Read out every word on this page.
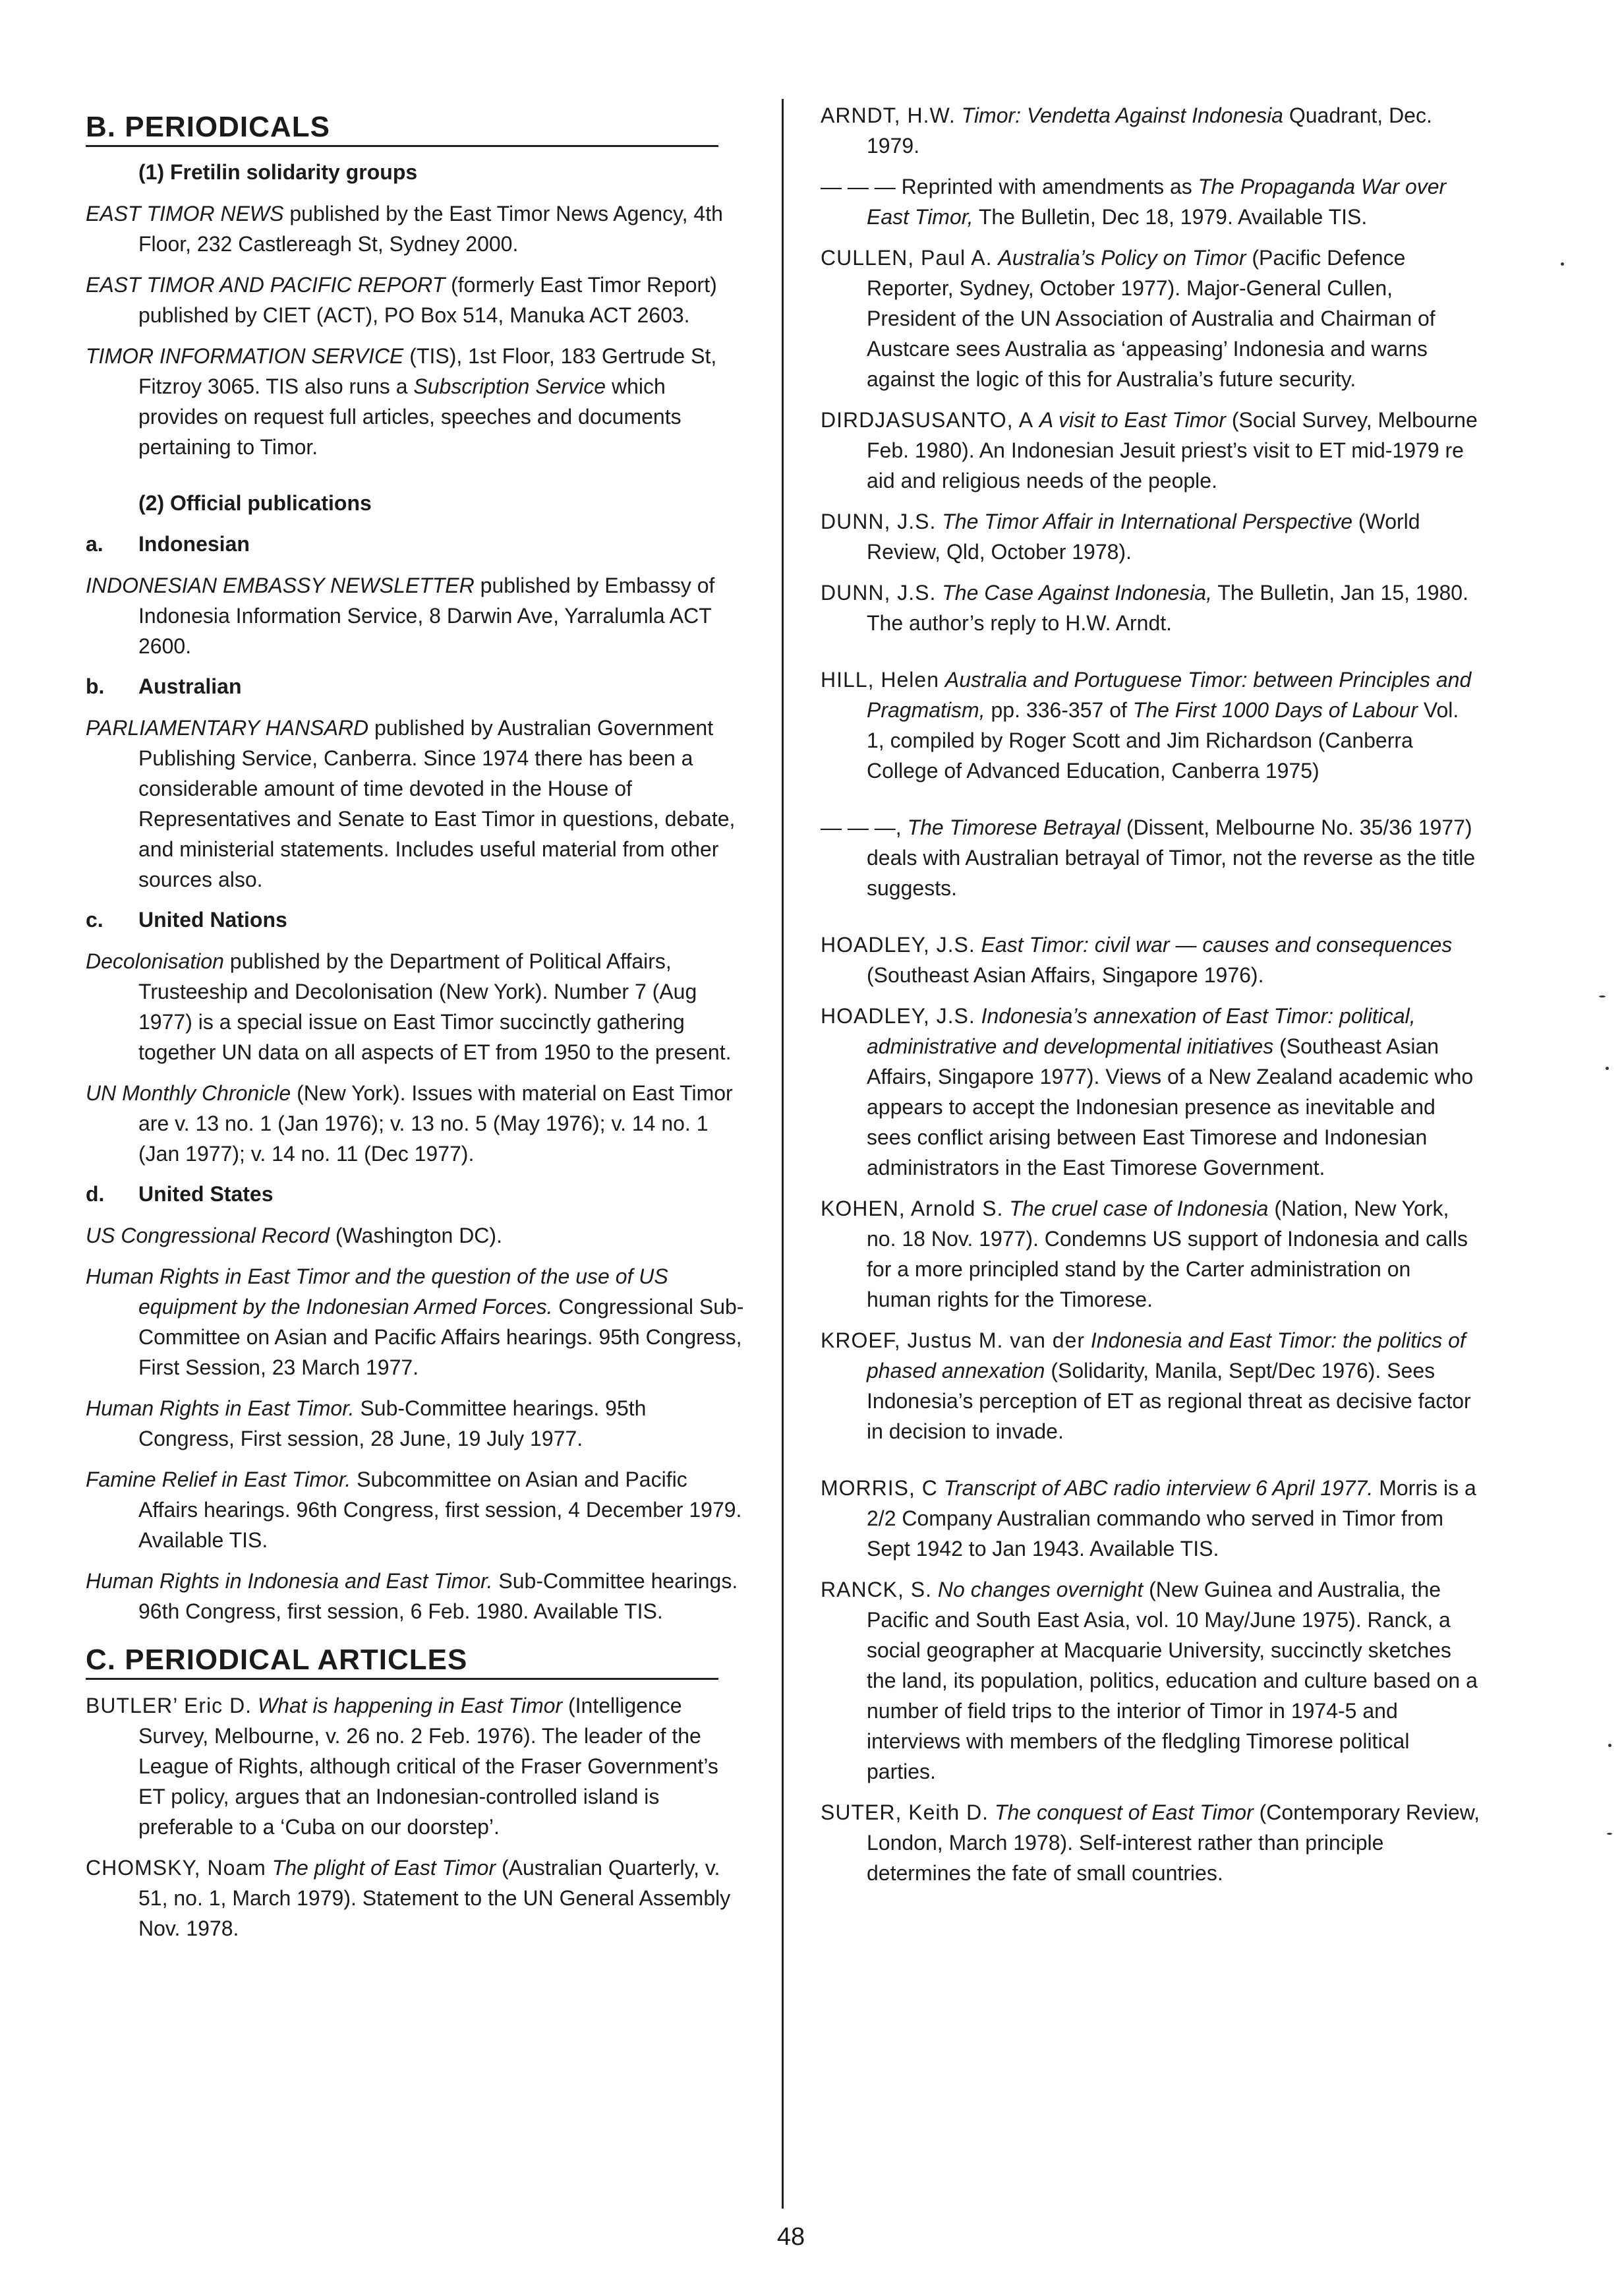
B. PERIODICALS
(1) Fretilin solidarity groups
EAST TIMOR NEWS published by the East Timor News Agency, 4th Floor, 232 Castlereagh St, Sydney 2000.
EAST TIMOR AND PACIFIC REPORT (formerly East Timor Report) published by CIET (ACT), PO Box 514, Manuka ACT 2603.
TIMOR INFORMATION SERVICE (TIS), 1st Floor, 183 Gertrude St, Fitzroy 3065. TIS also runs a Subscription Service which provides on request full articles, speeches and documents pertaining to Timor.
(2) Official publications
a. Indonesian
INDONESIAN EMBASSY NEWSLETTER published by Embassy of Indonesia Information Service, 8 Darwin Ave, Yarralumla ACT 2600.
b. Australian
PARLIAMENTARY HANSARD published by Australian Government Publishing Service, Canberra. Since 1974 there has been a considerable amount of time devoted in the House of Representatives and Senate to East Timor in questions, debate, and ministerial statements. Includes useful material from other sources also.
c. United Nations
Decolonisation published by the Department of Political Affairs, Trusteeship and Decolonisation (New York). Number 7 (Aug 1977) is a special issue on East Timor succinctly gathering together UN data on all aspects of ET from 1950 to the present.
UN Monthly Chronicle (New York). Issues with material on East Timor are v. 13 no. 1 (Jan 1976); v. 13 no. 5 (May 1976); v. 14 no. 1 (Jan 1977); v. 14 no. 11 (Dec 1977).
d. United States
US Congressional Record (Washington DC).
Human Rights in East Timor and the question of the use of US equipment by the Indonesian Armed Forces. Congressional Sub-Committee on Asian and Pacific Affairs hearings. 95th Congress, First Session, 23 March 1977.
Human Rights in East Timor. Sub-Committee hearings. 95th Congress, First session, 28 June, 19 July 1977.
Famine Relief in East Timor. Subcommittee on Asian and Pacific Affairs hearings. 96th Congress, first session, 4 December 1979. Available TIS.
Human Rights in Indonesia and East Timor. Sub-Committee hearings. 96th Congress, first session, 6 Feb. 1980. Available TIS.
C. PERIODICAL ARTICLES
BUTLER’ Eric D. What is happening in East Timor (Intelligence Survey, Melbourne, v. 26 no. 2 Feb. 1976). The leader of the League of Rights, although critical of the Fraser Government’s ET policy, argues that an Indonesian-controlled island is preferable to a ‘Cuba on our doorstep’.
CHOMSKY, Noam The plight of East Timor (Australian Quarterly, v. 51, no. 1, March 1979). Statement to the UN General Assembly Nov. 1978.
ARNDT, H.W. Timor: Vendetta Against Indonesia Quadrant, Dec. 1979.
— — — Reprinted with amendments as The Propaganda War over East Timor, The Bulletin, Dec 18, 1979. Available TIS.
CULLEN, Paul A. Australia’s Policy on Timor (Pacific Defence Reporter, Sydney, October 1977). Major-General Cullen, President of the UN Association of Australia and Chairman of Austcare sees Australia as ‘appeasing’ Indonesia and warns against the logic of this for Australia’s future security.
DIRDJASUSANTO, A A visit to East Timor (Social Survey, Melbourne Feb. 1980). An Indonesian Jesuit priest’s visit to ET mid-1979 re aid and religious needs of the people.
DUNN, J.S. The Timor Affair in International Perspective (World Review, Qld, October 1978).
DUNN, J.S. The Case Against Indonesia, The Bulletin, Jan 15, 1980. The author’s reply to H.W. Arndt.
HILL, Helen Australia and Portuguese Timor: between Principles and Pragmatism, pp. 336-357 of The First 1000 Days of Labour Vol. 1, compiled by Roger Scott and Jim Richardson (Canberra College of Advanced Education, Canberra 1975)
— — —, The Timorese Betrayal (Dissent, Melbourne No. 35/36 1977) deals with Australian betrayal of Timor, not the reverse as the title suggests.
HOADLEY, J.S. East Timor: civil war — causes and consequences (Southeast Asian Affairs, Singapore 1976).
HOADLEY, J.S. Indonesia’s annexation of East Timor: political, administrative and developmental initiatives (Southeast Asian Affairs, Singapore 1977). Views of a New Zealand academic who appears to accept the Indonesian presence as inevitable and sees conflict arising between East Timorese and Indonesian administrators in the East Timorese Government.
KOHEN, Arnold S. The cruel case of Indonesia (Nation, New York, no. 18 Nov. 1977). Condemns US support of Indonesia and calls for a more principled stand by the Carter administration on human rights for the Timorese.
KROEF, Justus M. van der Indonesia and East Timor: the politics of phased annexation (Solidarity, Manila, Sept/Dec 1976). Sees Indonesia’s perception of ET as regional threat as decisive factor in decision to invade.
MORRIS, C Transcript of ABC radio interview 6 April 1977. Morris is a 2/2 Company Australian commando who served in Timor from Sept 1942 to Jan 1943. Available TIS.
RANCK, S. No changes overnight (New Guinea and Australia, the Pacific and South East Asia, vol. 10 May/June 1975). Ranck, a social geographer at Macquarie University, succinctly sketches the land, its population, politics, education and culture based on a number of field trips to the interior of Timor in 1974-5 and interviews with members of the fledgling Timorese political parties.
SUTER, Keith D. The conquest of East Timor (Contemporary Review, London, March 1978). Self-interest rather than principle determines the fate of small countries.
48
